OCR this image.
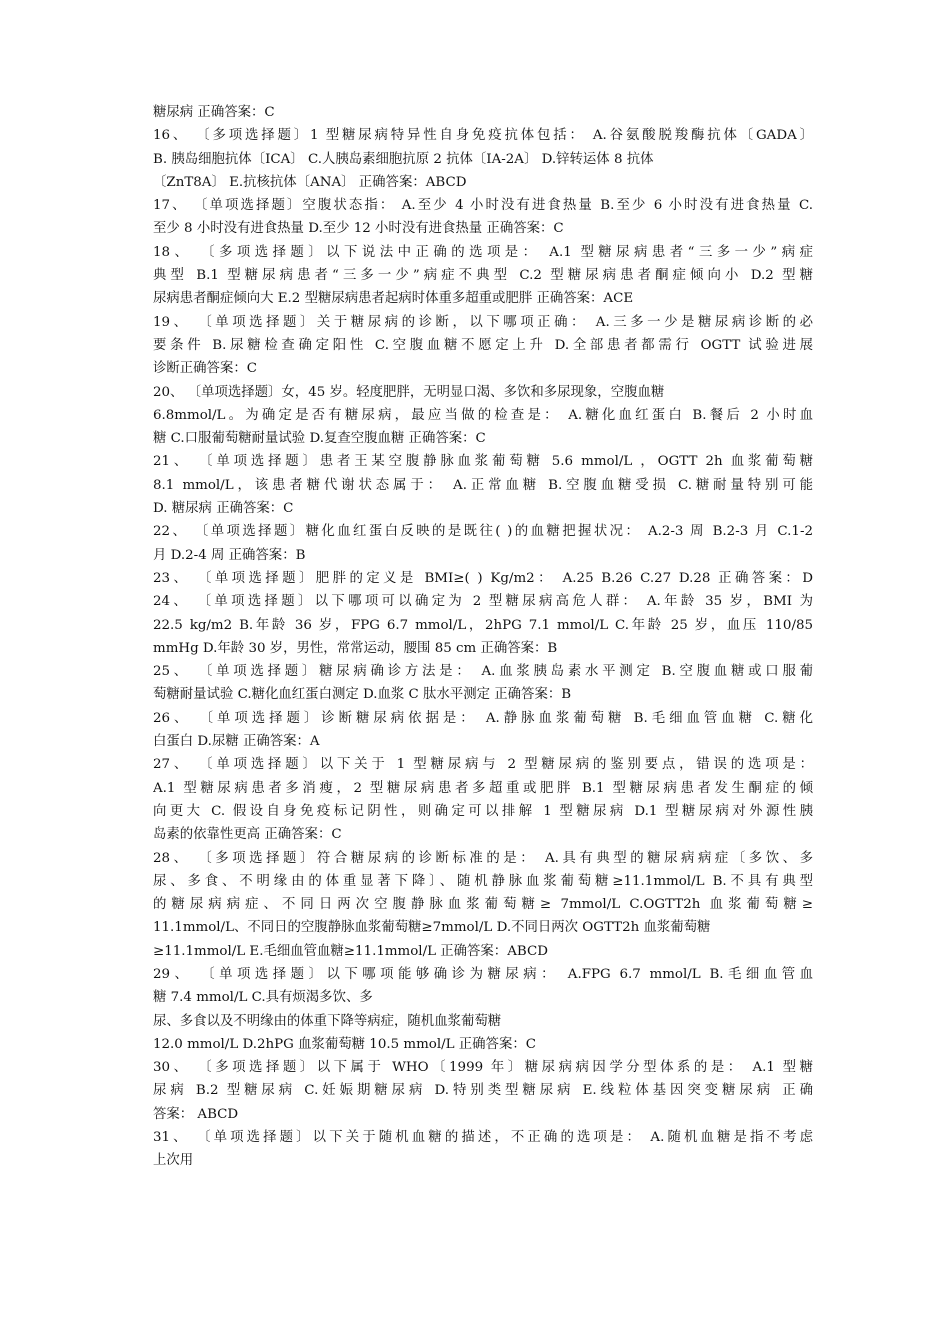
糖尿病 正确答案：C
16、 〔多项选择题〕1 型糖尿病特异性自身免疫抗体包括： A.谷氨酸脱羧酶抗体〔GADA〕
B. 胰岛细胞抗体〔ICA〕 C.人胰岛素细胞抗原 2 抗体〔IA-2A〕 D.锌转运体 8 抗体
〔ZnT8A〕 E.抗核抗体〔ANA〕 正确答案：ABCD
17、 〔单项选择题〕空腹状态指： A.至少 4 小时没有进食热量 B.至少 6 小时没有进食热量 C.
至少 8 小时没有进食热量 D.至少 12 小时没有进食热量 正确答案：C
18、 〔多项选择题〕以下说法中正确的选项是： A.1 型糖尿病患者“三多一少”病症
典型 B.1 型糖尿病患者“三多一少”病症不典型 C.2 型糖尿病患者酮症倾向小 D.2 型糖
尿病患者酮症倾向大 E.2 型糖尿病患者起病时体重多超重或肥胖 正确答案：ACE
19、 〔单项选择题〕关于糖尿病的诊断，以下哪项正确： A.三多一少是糖尿病诊断的必
要条件 B.尿糖检查确定阳性 C.空腹血糖不愿定上升 D.全部患者都需行 OGTT 试验进展
诊断正确答案：C
20、 〔单项选择题〕女，45 岁。轻度肥胖，无明显口渴、多饮和多尿现象，空腹血糖
6.8mmol/L。为确定是否有糖尿病，最应当做的检查是： A.糖化血红蛋白 B.餐后 2 小时血
糖 C.口服葡萄糖耐量试验 D.复查空腹血糖 正确答案：C
21、 〔单项选择题〕患者王某空腹静脉血浆葡萄糖 5.6 mmol/L ，OGTT 2h 血浆葡萄糖
8.1 mmol/L，该患者糖代谢状态属于： A.正常血糖 B.空腹血糖受损 C.糖耐量特别可能
D. 糖尿病 正确答案：C
22、 〔单项选择题〕糖化血红蛋白反映的是既往( )的血糖把握状况： A.2-3 周 B.2-3 月 C.1-2
月 D.2-4 周 正确答案：B
23、 〔单项选择题〕肥胖的定义是 BMI≥( ) Kg/m2： A.25 B.26 C.27 D.28 正确答案：D
24、 〔单项选择题〕以下哪项可以确定为 2 型糖尿病高危人群： A.年龄 35 岁，BMI 为
22.5 kg/m2 B.年龄 36 岁，FPG 6.7 mmol/L，2hPG 7.1 mmol/L C.年龄 25 岁，血压 110/85
mmHg D.年龄 30 岁，男性，常常运动，腰围 85 cm 正确答案：B
25、 〔单项选择题〕糖尿病确诊方法是： A.血浆胰岛素水平测定 B.空腹血糖或口服葡
萄糖耐量试验 C.糖化血红蛋白测定 D.血浆 C 肽水平测定 正确答案：B
26、 〔单项选择题〕诊断糖尿病依据是： A.静脉血浆葡萄糖 B.毛细血管血糖 C.糖化
白蛋白 D.尿糖 正确答案：A
27、 〔单项选择题〕以下关于 1 型糖尿病与 2 型糖尿病的鉴别要点，错误的选项是：
A.1 型糖尿病患者多消瘦，2 型糖尿病患者多超重或肥胖 B.1 型糖尿病患者发生酮症的倾
向更大 C. 假设自身免疫标记阴性，则确定可以排解 1 型糖尿病 D.1 型糖尿病对外源性胰
岛素的依靠性更高 正确答案：C
28、 〔多项选择题〕符合糖尿病的诊断标准的是： A.具有典型的糖尿病病症〔多饮、多
尿、多食、不明缘由的体重显著下降〕、随机静脉血浆葡萄糖≥11.1mmol/L B.不具有典型
的糖尿病病症、不同日两次空腹静脉血浆葡萄糖≥ 7mmol/L C.OGTT2h 血浆葡萄糖≥
11.1mmol/L、不同日的空腹静脉血浆葡萄糖≥7mmol/L D.不同日两次 OGTT2h 血浆葡萄糖
≥11.1mmol/L E.毛细血管血糖≥11.1mmol/L 正确答案：ABCD
29、 〔单项选择题〕以下哪项能够确诊为糖尿病： A.FPG 6.7 mmol/L B.毛细血管血
糖 7.4 mmol/L C.具有烦渴多饮、多
尿、多食以及不明缘由的体重下降等病症，随机血浆葡萄糖
12.0 mmol/L D.2hPG 血浆葡萄糖 10.5 mmol/L 正确答案：C
30、 〔多项选择题〕以下属于 WHO〔1999 年〕糖尿病病因学分型体系的是： A.1 型糖
尿病 B.2 型糖尿病 C.妊娠期糖尿病 D.特别类型糖尿病 E.线粒体基因突变糖尿病 正确
答案： ABCD
31、 〔单项选择题〕以下关于随机血糖的描述，不正确的选项是： A.随机血糖是指不考虑
上次用
